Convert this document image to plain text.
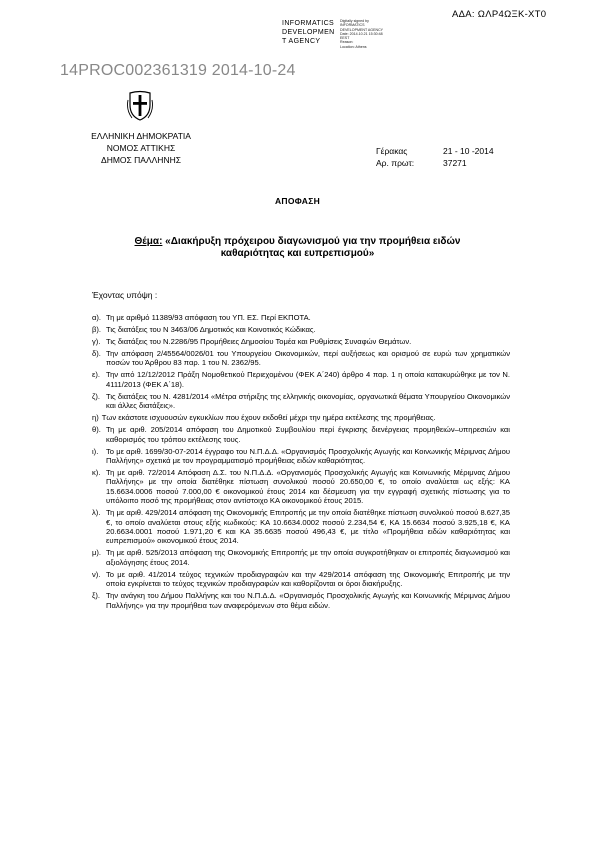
ΑΔΑ: ΩΛΡ4ΩΞΚ-ΧΤ0
INFORMATICS
DEVELOPMEN
T AGENCY
Digitally signed by
INFORMATICS
DEVELOPMENT AGENCY
Date: 2014.10.21 15:30:48
EEST
Reason:
Location: Athens
14PROC002361319 2014-10-24
ΕΛΛΗΝΙΚΗ ΔΗΜΟΚΡΑΤΙΑ
ΝΟΜΟΣ ΑΤΤΙΚΗΣ
ΔΗΜΟΣ ΠΑΛΛΗΝΗΣ
Γέρακας	21 - 10 -2014
Αρ. πρωτ:	37271
ΑΠΟΦΑΣΗ
Θέμα: «Διακήρυξη πρόχειρου διαγωνισμού για την προμήθεια ειδών
καθαριότητας και ευπρεπισμού»
Έχοντας υπόψη :
α). Τη με αριθμό 11389/93 απόφαση του ΥΠ. ΕΣ. Περί ΕΚΠΟΤΑ.
β). Τις διατάξεις του Ν 3463/06 Δημοτικός και Κοινοτικός Κώδικας.
γ). Τις διατάξεις του Ν.2286/95 Προμήθειες Δημοσίου Τομέα και Ρυθμίσεις Συναφών Θεμάτων.
δ). Την απόφαση 2/45564/0026/01 του Υπουργείου Οικονομικών, περί αυξήσεως και ορισμού σε ευρώ των χρηματικών ποσών του Άρθρου 83 παρ. 1 του Ν. 2362/95.
ε). Την από 12/12/2012 Πράξη Νομοθετικού Περιεχομένου (ΦΕΚ Α΄240) άρθρο 4 παρ. 1 η οποία κατακυρώθηκε με τον Ν. 4111/2013 (ΦΕΚ Α΄18).
ζ). Τις διατάξεις του Ν. 4281/2014 «Μέτρα στήριξης της ελληνικής οικονομίας, οργανωτικά θέματα Υπουργείου Οικονομικών και άλλες διατάξεις».
η) Των εκάστοτε ισχυουσών εγκυκλίων που έχουν εκδοθεί μέχρι την ημέρα εκτέλεσης της προμήθειας.
θ). Τη με αριθ. 205/2014 απόφαση του Δημοτικού Συμβουλίου περί έγκρισης διενέργειας προμηθειών–υπηρεσιών και καθορισμός του τρόπου εκτέλεσης τους.
ι).	Το με αριθ. 1699/30-07-2014 έγγραφο του Ν.Π.Δ.Δ. «Οργανισμός Προσχολικής Αγωγής και Κοινωνικής Μέριμνας Δήμου Παλλήνης» σχετικά με τον προγραμματισμό προμήθειας ειδών καθαριότητας.
κ). Τη με αριθ. 72/2014 Απόφαση Δ.Σ. του Ν.Π.Δ.Δ. «Οργανισμός Προσχολικής Αγωγής και Κοινωνικής Μέριμνας Δήμου Παλλήνης» με την οποία διατέθηκε πίστωση συνολικού ποσού 20.650,00 €, το οποίο αναλύεται ως εξής: ΚΑ 15.6634.0006 ποσού 7.000,00 € οικονομικού έτους 2014 και δέσμευση για την εγγραφή σχετικής πίστωσης για το υπόλοιπο ποσό της προμήθειας στον αντίστοιχο ΚΑ οικονομικού έτους 2015.
λ). Τη με αριθ. 429/2014 απόφαση της Οικονομικής Επιτροπής με την οποία διατέθηκε πίστωση συνολικού ποσού 8.627,35 €, το οποίο αναλύεται στους εξής κωδικούς: ΚΑ 10.6634.0002 ποσού 2.234,54 €, ΚΑ 15.6634 ποσού 3.925,18 €, ΚΑ 20.6634.0001 ποσού 1.971,20 € και ΚΑ 35.6635 ποσού 496,43 €, με τίτλο «Προμήθεια ειδών καθαριότητας και ευπρεπισμού» οικονομικού έτους 2014.
μ). Τη με αριθ. 525/2013 απόφαση της Οικονομικής Επιτροπής με την οποία συγκροτήθηκαν οι επιτροπές διαγωνισμού και αξιολόγησης έτους 2014.
ν). Το με αριθ. 41/2014 τεύχος τεχνικών προδιαγραφών και την 429/2014 απόφαση της Οικονομικής Επιτροπής με την οποία εγκρίνεται το τεύχος τεχνικών προδιαγραφών και καθορίζονται οι όροι διακήρυξης.
ξ). Την ανάγκη του Δήμου Παλλήνης και του Ν.Π.Δ.Δ. «Οργανισμός Προσχολικής Αγωγής και Κοινωνικής Μέριμνας Δήμου Παλλήνης» για την προμήθεια των αναφερόμενων στο θέμα ειδών.
